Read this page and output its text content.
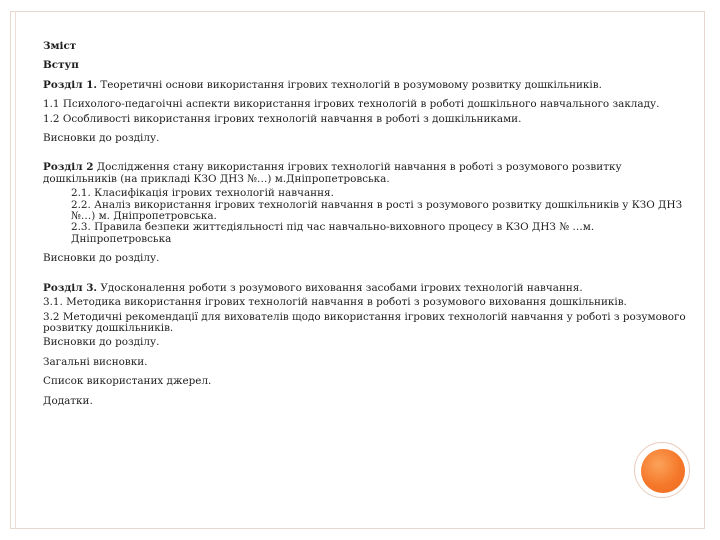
Зміст

Вступ

Розділ 1. Теоретичні основи використання ігрових технологій в розумовому розвитку дошкільників.

1.1 Психолого-педагоічні аспекти використання ігрових технологій в роботі дошкільного навчального закладу.

1.2 Особливості використання ігрових технологій навчання в роботі з дошкільниками.

Висновки до розділу.

Розділ 2 Дослідження стану використання ігрових технологій навчання в роботі з розумового розвитку дошкільників (на прикладі КЗО ДНЗ №…) м.Дніпропетровська.

2.1. Класифікація ігрових технологій навчання.

2.2. Аналіз використання ігрових технологій навчання в рості з розумового розвитку дошкільників у КЗО ДНЗ №…) м. Дніпропетровська.

2.3. Правила безпеки життєдіяльності під час навчально-виховного процесу в КЗО ДНЗ № …м. Дніпропетровська

Висновки до розділу.

Розділ 3. Удосконалення роботи з розумового виховання засобами ігрових технологій навчання.

3.1. Методика використання ігрових технологій навчання в роботі з розумового виховання дошкільників.

3.2 Методичні рекомендації для вихователів щодо використання ігрових технологій навчання у роботі з розумового розвитку дошкільників.

Висновки до розділу.

Загальні висновки.

Список використаних джерел.

Додатки.
